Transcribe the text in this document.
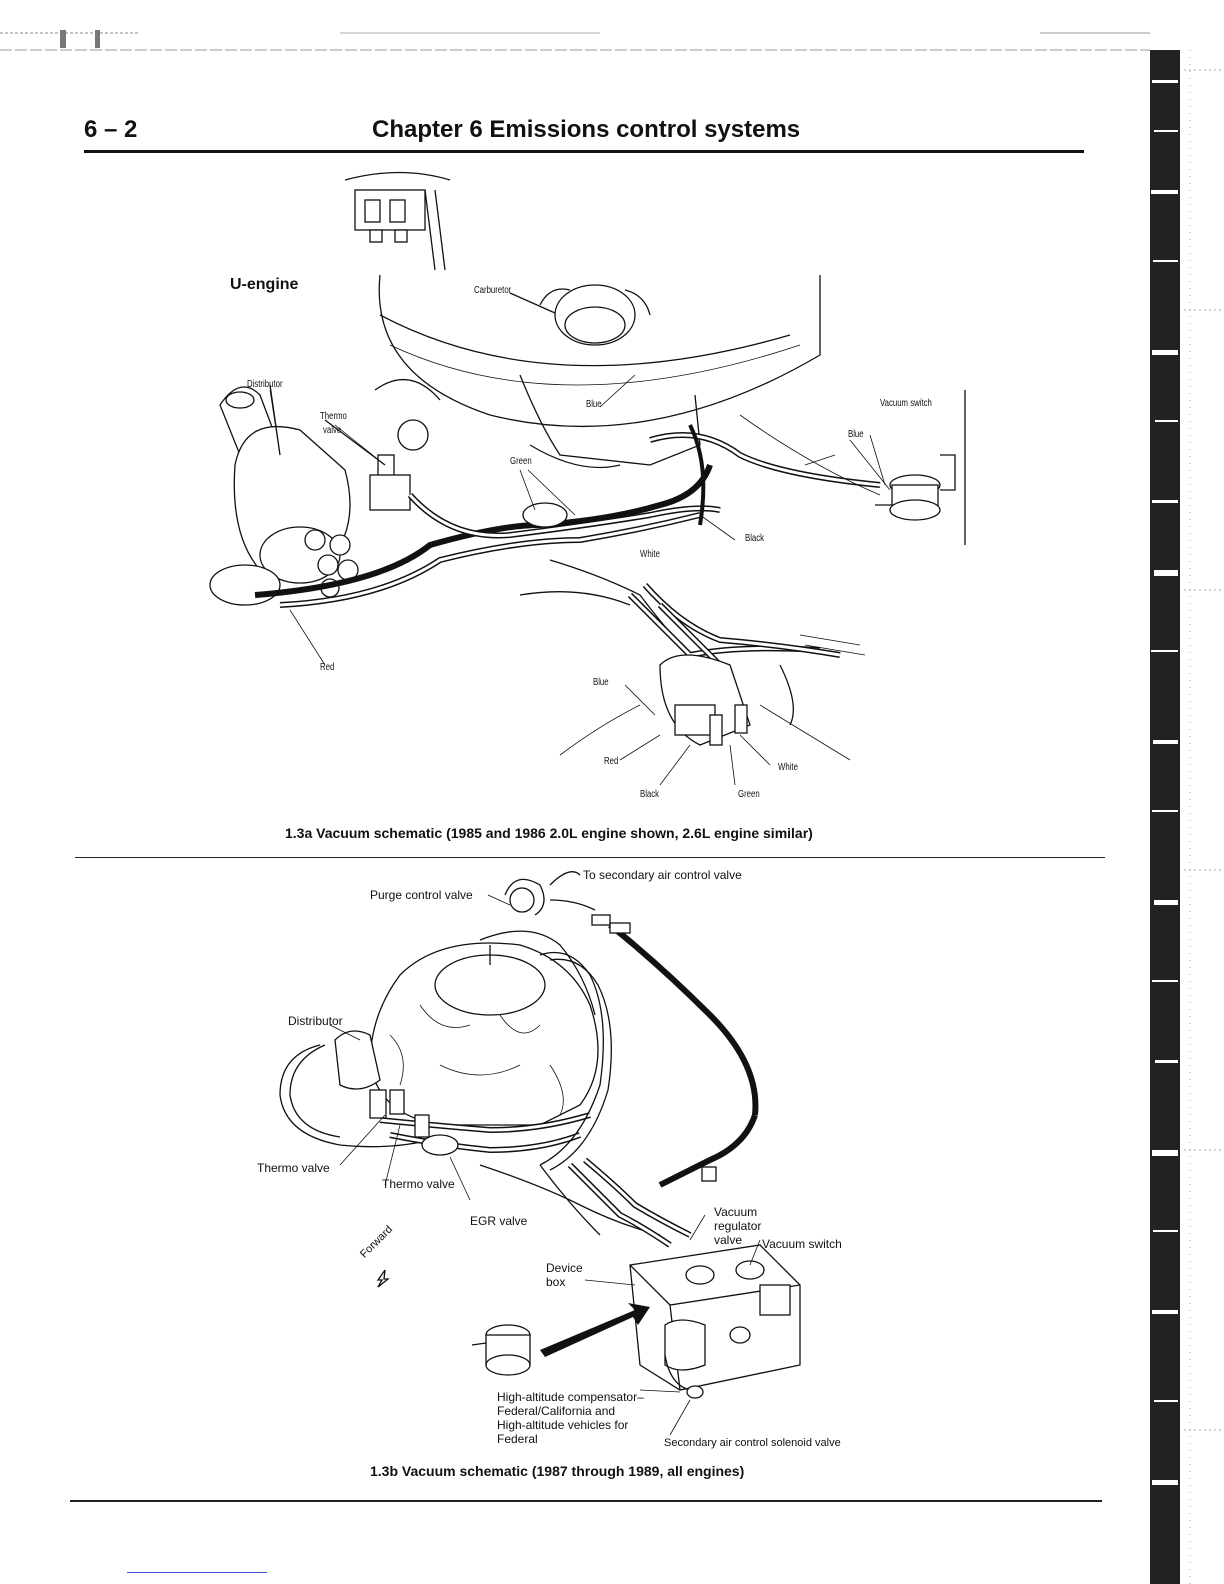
6 – 2	Chapter 6 Emissions control systems
U-engine	Carburetor
Distributor
Thermo
valve
Blue
Green
Vacuum switch
Blue
Black
White
Red
Blue
Red
White
Black	Green
1.3a Vacuum schematic (1985 and 1986 2.0L engine shown, 2.6L engine similar)
To secondary air control valve
Purge control valve
Distributor
Thermo valve
Thermo valve
EGR valve
Vacuum
regulator
valve Vacuum switch
Device
box
Forward
High-altitude compensator–
Federal/California and
High-altitude vehicles for
Federal	Secondary air control solenoid valve
1.3b Vacuum schematic (1987 through 1989, all engines)
